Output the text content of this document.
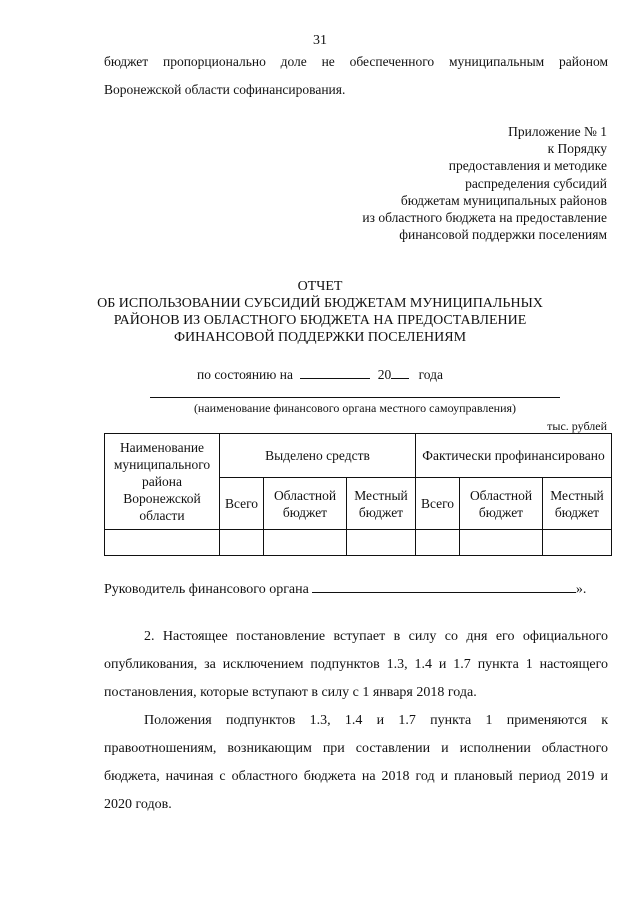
31
бюджет пропорционально доле не обеспеченного муниципальным районом Воронежской области софинансирования.
Приложение № 1
к Порядку
предоставления и методике
распределения субсидий
бюджетам муниципальных районов
из областного бюджета на предоставление
финансовой поддержки поселениям
ОТЧЕТ
ОБ ИСПОЛЬЗОВАНИИ СУБСИДИЙ БЮДЖЕТАМ МУНИЦИПАЛЬНЫХ
РАЙОНОВ ИЗ ОБЛАСТНОГО БЮДЖЕТА НА ПРЕДОСТАВЛЕНИЕ
ФИНАНСОВОЙ ПОДДЕРЖКИ ПОСЕЛЕНИЯМ
по состоянию на	20 года
(наименование финансового органа местного самоуправления)
тыс. рублей
Наименование муниципального района Воронежской области	Выделено средств			Фактически профинансировано		
	Всего	Областной бюджет	Местный бюджет	Всего	Областной бюджет	Местный бюджет

Руководитель финансового органа	».
2. Настоящее постановление вступает в силу со дня его официального опубликования, за исключением подпунктов 1.3, 1.4 и 1.7 пункта 1 настоящего постановления, которые вступают в силу с 1 января 2018 года.
Положения подпунктов 1.3, 1.4 и 1.7 пункта 1 применяются к правоотношениям, возникающим при составлении и исполнении областного бюджета, начиная с областного бюджета на 2018 год и плановый период 2019 и 2020 годов.
